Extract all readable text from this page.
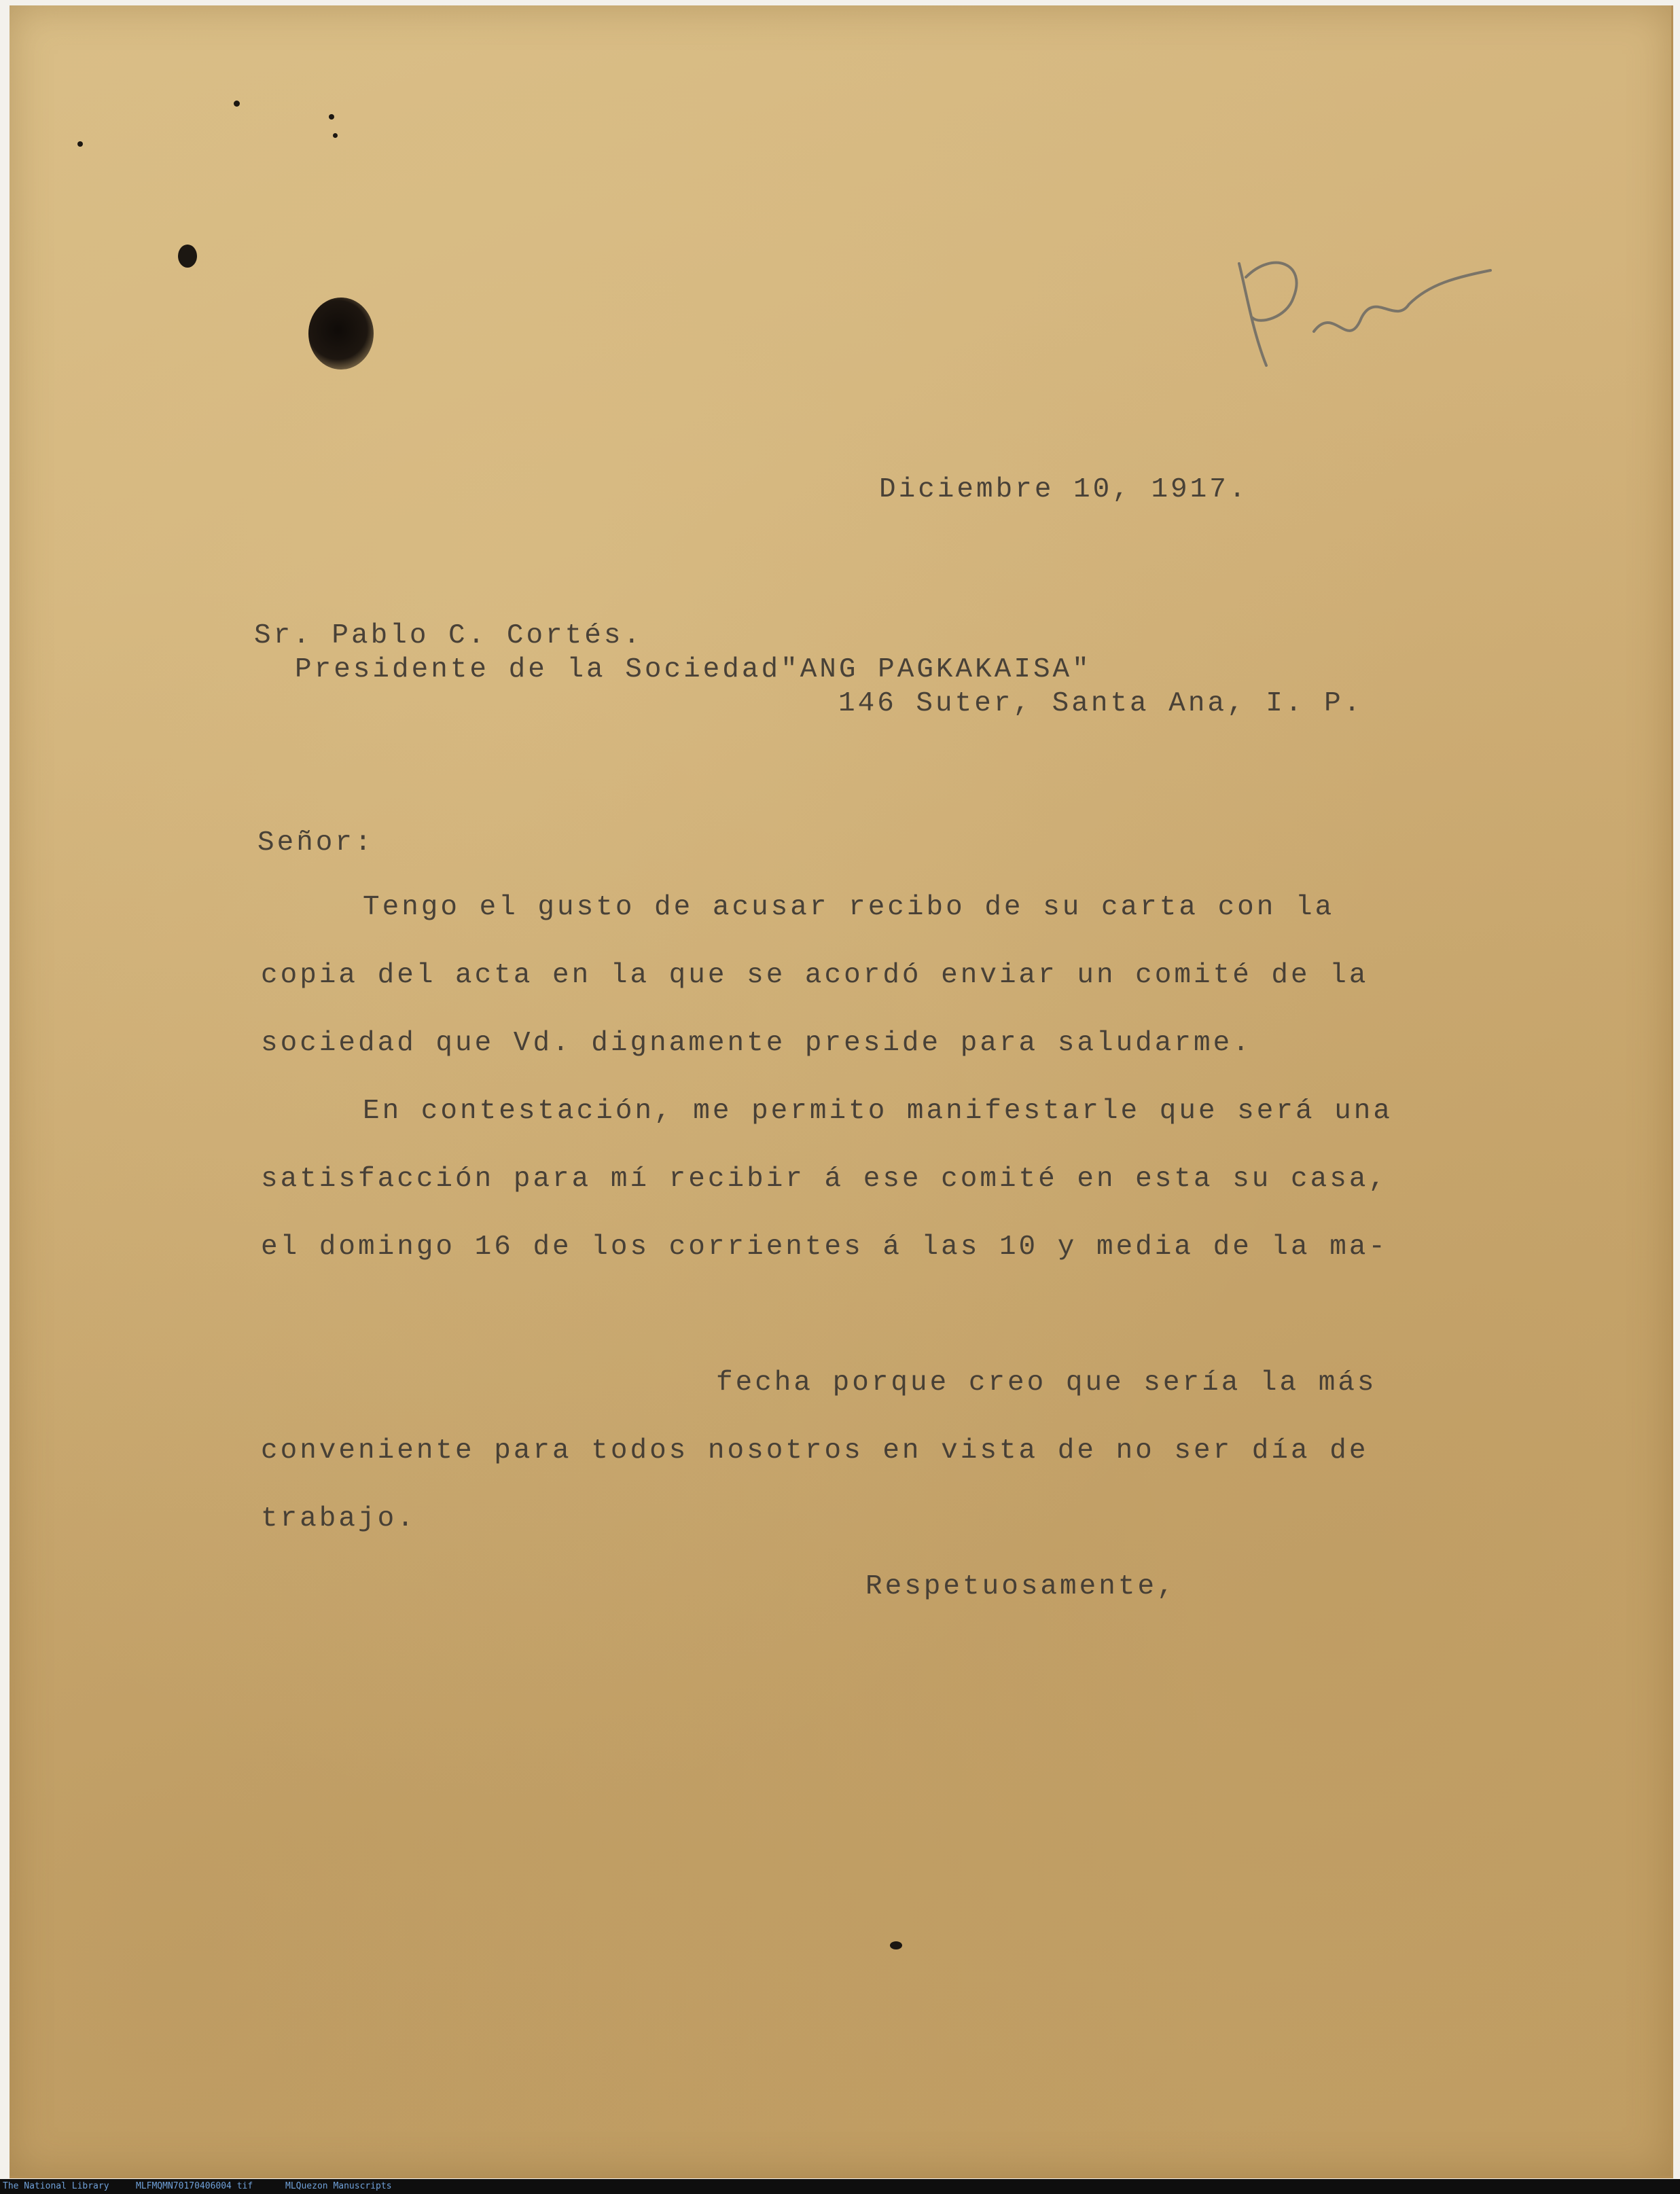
Diciembre 10, 1917.
Sr. Pablo C. Cortés.
Presidente de la Sociedad"ANG PAGKAKAISA"
146 Suter, Santa Ana, I. P.
Señor:
Tengo el gusto de acusar recibo de su carta con la
copia del acta en la que se acordó enviar un comité de la
sociedad que Vd. dignamente preside para saludarme.
En contestación, me permito manifestarle que será una
satisfacción para mí recibir á ese comité en esta su casa,
el domingo 16 de los corrientes á las 10 y media de la ma-
fecha porque creo que sería la más
conveniente para todos nosotros en vista de no ser día de
trabajo.
Respetuosamente,
The National Library	MLFMQMN70170406004 tif	MLQuezon Manuscripts
